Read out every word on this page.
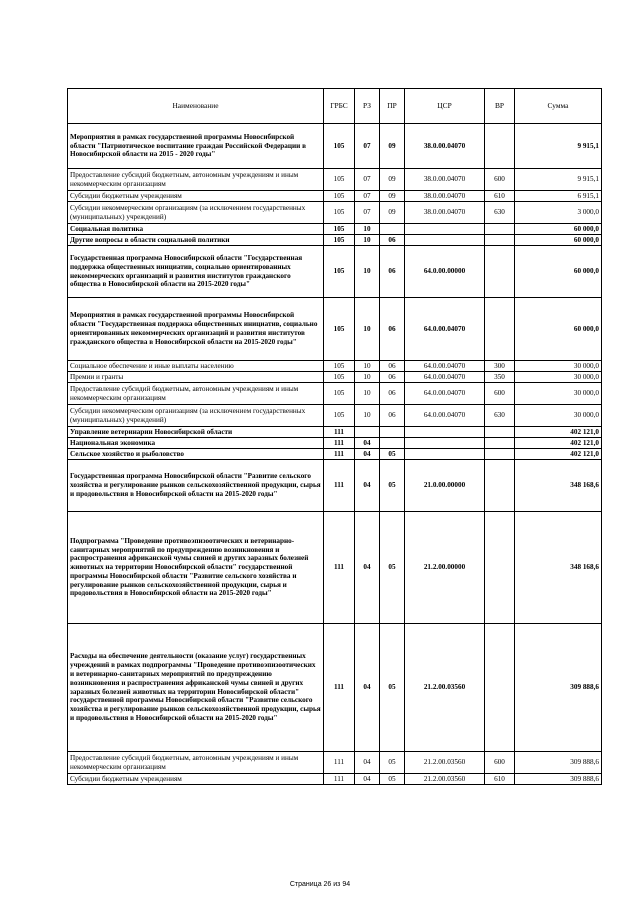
Наименование	ГРБС	РЗ	ПР	ЦСР	ВР	Сумма
Мероприятия в рамках государственной программы Новосибирской области "Патриотическое воспитание граждан Российской Федерации в Новосибирской области на 2015 - 2020 годы"	105	07	09	38.0.00.04070		9 915,1
Предоставление субсидий бюджетным, автономным учреждениям и иным некоммерческим организациям	105	07	09	38.0.00.04070	600	9 915,1
Субсидии бюджетным учреждениям	105	07	09	38.0.00.04070	610	6 915,1
Субсидии некоммерческим организациям (за исключением государственных (муниципальных) учреждений)	105	07	09	38.0.00.04070	630	3 000,0
Социальная политика	105	10				60 000,0
Другие вопросы в области социальной политики	105	10	06			60 000,0
Государственная программа Новосибирской области "Государственная поддержка общественных инициатив, социально ориентированных некоммерческих организаций и развития институтов гражданского общества в Новосибирской области на 2015-2020 годы"	105	10	06	64.0.00.00000		60 000,0
Мероприятия в рамках государственной программы Новосибирской области "Государственная поддержка общественных инициатив, социально ориентированных некоммерческих организаций и развития институтов гражданского общества в Новосибирской области на 2015-2020 годы"	105	10	06	64.0.00.04070		60 000,0
Социальное обеспечение и иные выплаты населению	105	10	06	64.0.00.04070	300	30 000,0
Премии и гранты	105	10	06	64.0.00.04070	350	30 000,0
Предоставление субсидий бюджетным, автономным учреждениям и иным некоммерческим организациям	105	10	06	64.0.00.04070	600	30 000,0
Субсидии некоммерческим организациям (за исключением государственных (муниципальных) учреждений)	105	10	06	64.0.00.04070	630	30 000,0
Управление ветеринарии Новосибирской области	111					402 121,0
Национальная экономика	111	04				402 121,0
Сельское хозяйство и рыболовство	111	04	05			402 121,0
Государственная программа Новосибирской области "Развитие сельского хозяйства и регулирование рынков сельскохозяйственной продукции, сырья и продовольствия в Новосибирской области на 2015-2020 годы"	111	04	05	21.0.00.00000		348 168,6
Подпрограмма "Проведение противоэпизоотических и ветеринарно-санитарных мероприятий по предупреждению возникновения и распространения африканской чумы свиней и других заразных болезней животных на территории Новосибирской области" государственной программы Новосибирской области "Развитие сельского хозяйства и регулирование рынков сельскохозяйственной продукции, сырья и продовольствия в Новосибирской области на 2015-2020 годы"	111	04	05	21.2.00.00000		348 168,6
Расходы на обеспечение деятельности (оказание услуг) государственных учреждений в рамках подпрограммы "Проведение противоэпизоотических и ветеринарно-санитарных мероприятий по предупреждению возникновения и распространения африканской чумы свиней и других заразных болезней животных на территории Новосибирской области" государственной программы Новосибирской области "Развитие сельского хозяйства и регулирование рынков сельскохозяйственной продукции, сырья и продовольствия в Новосибирской области на 2015-2020 годы"	111	04	05	21.2.00.03560		309 888,6
Предоставление субсидий бюджетным, автономным учреждениям и иным некоммерческим организациям	111	04	05	21.2.00.03560	600	309 888,6
Субсидии бюджетным учреждениям	111	04	05	21.2.00.03560	610	309 888,6
Страница 26 из 94
